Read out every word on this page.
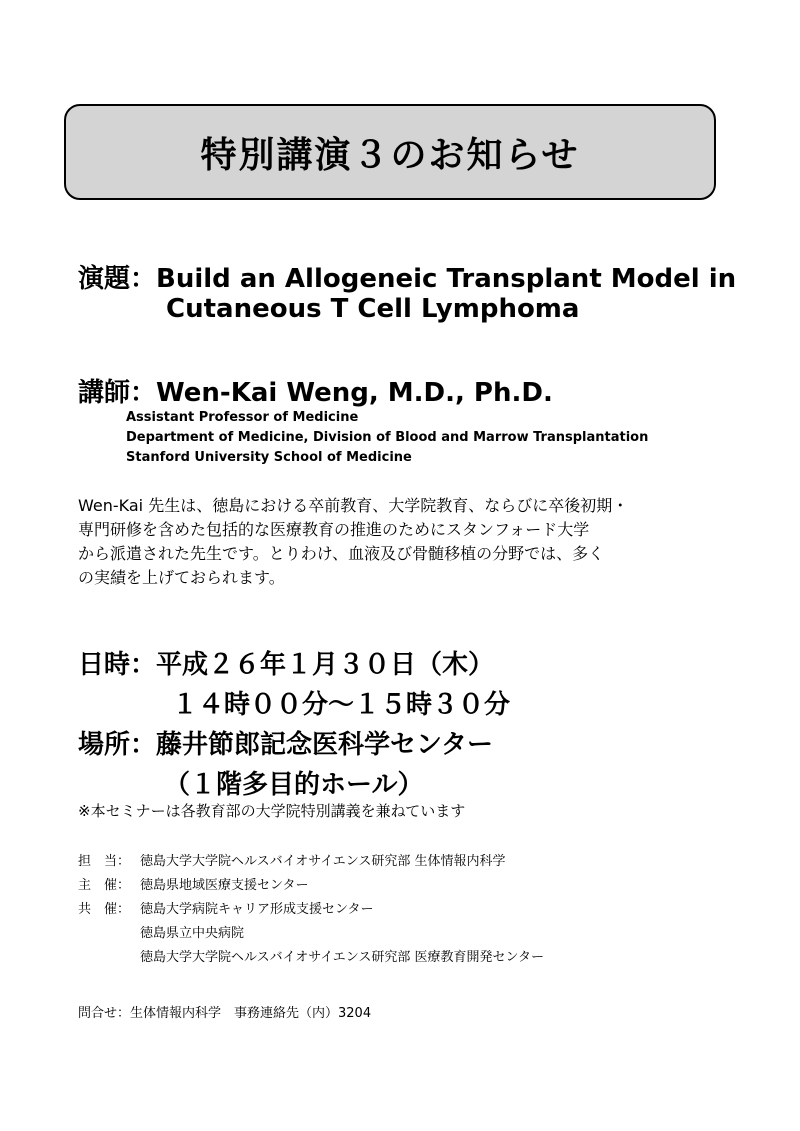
特別講演３のお知らせ
演題：Build an Allogeneic Transplant Model in
Cutaneous T Cell Lymphoma
講師：Wen-Kai Weng, M.D., Ph.D.
Assistant Professor of Medicine
Department of Medicine, Division of Blood and Marrow Transplantation
Stanford University School of Medicine
Wen-Kai 先生は、徳島における卒前教育、大学院教育、ならびに卒後初期・
専門研修を含めた包括的な医療教育の推進のためにスタンフォード大学
から派遣された先生です。とりわけ、血液及び骨髄移植の分野では、多く
の実績を上げておられます。
日時：平成２６年１月３０日（木）
１４時００分～１５時３０分
場所：藤井節郎記念医科学センター
（１階多目的ホール）
※本セミナーは各教育部の大学院特別講義を兼ねています
担　当： 徳島大学大学院ヘルスバイオサイエンス研究部 生体情報内科学
主　催： 徳島県地域医療支援センター
共　催： 徳島大学病院キャリア形成支援センター
徳島県立中央病院
徳島大学大学院ヘルスバイオサイエンス研究部 医療教育開発センター
問合せ：生体情報内科学　事務連絡先（内）3204
